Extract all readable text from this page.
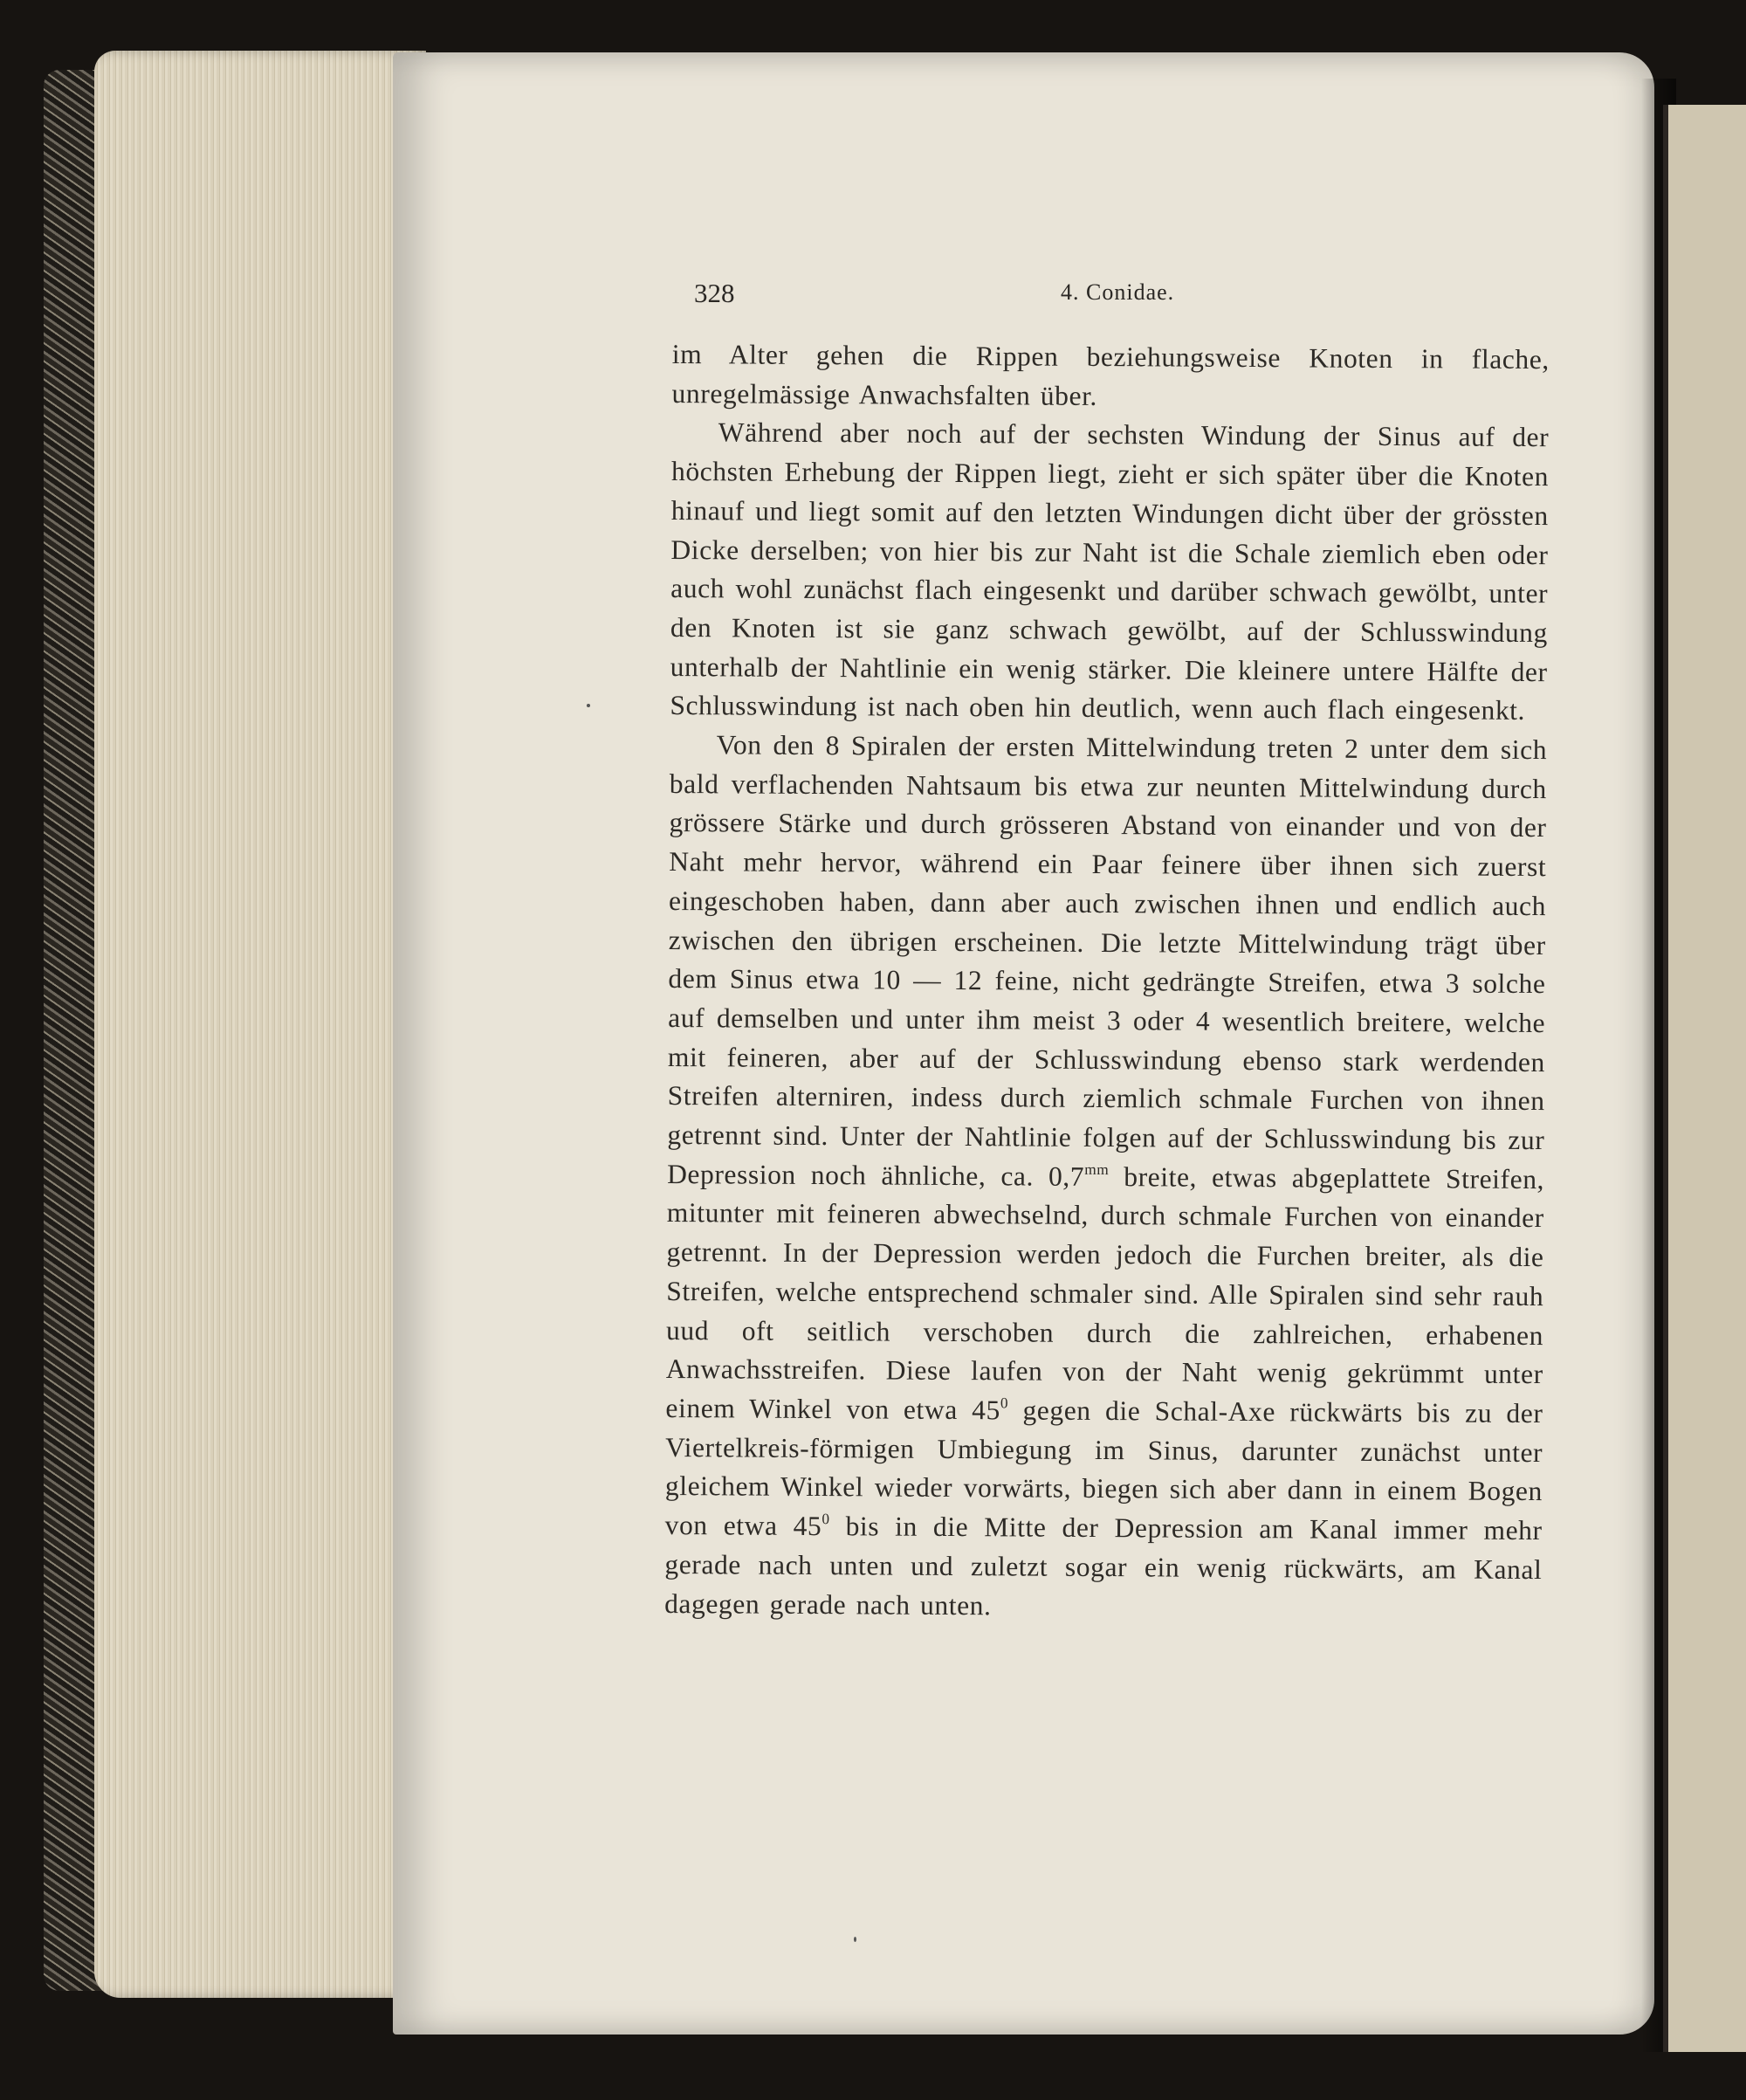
328	4. Conidae.

im Alter gehen die Rippen beziehungsweise Knoten in flache, unregelmässige Anwachsfalten über.

Während aber noch auf der sechsten Windung der Sinus auf der höchsten Erhebung der Rippen liegt, zieht er sich später über die Knoten hinauf und liegt somit auf den letzten Windungen dicht über der grössten Dicke derselben; von hier bis zur Naht ist die Schale ziemlich eben oder auch wohl zunächst flach eingesenkt und darüber schwach gewölbt, unter den Knoten ist sie ganz schwach gewölbt, auf der Schlusswindung unterhalb der Nahtlinie ein wenig stärker. Die kleinere untere Hälfte der Schlusswindung ist nach oben hin deutlich, wenn auch flach eingesenkt.

Von den 8 Spiralen der ersten Mittelwindung treten 2 unter dem sich bald verflachenden Nahtsaum bis etwa zur neunten Mittelwindung durch grössere Stärke und durch grösseren Abstand von einander und von der Naht mehr hervor, während ein Paar feinere über ihnen sich zuerst eingeschoben haben, dann aber auch zwischen ihnen und endlich auch zwischen den übrigen erscheinen. Die letzte Mittelwindung trägt über dem Sinus etwa 10 — 12 feine, nicht gedrängte Streifen, etwa 3 solche auf demselben und unter ihm meist 3 oder 4 wesentlich breitere, welche mit feineren, aber auf der Schlusswindung ebenso stark werdenden Streifen alterniren, indess durch ziemlich schmale Furchen von ihnen getrennt sind. Unter der Nahtlinie folgen auf der Schlusswindung bis zur Depression noch ähnliche, ca. $0,7^{mm}$ breite, etwas abgeplattete Streifen, mitunter mit feineren abwechselnd, durch schmale Furchen von einander getrennt. In der Depression werden jedoch die Furchen breiter, als die Streifen, welche entsprechend schmaler sind. Alle Spiralen sind sehr rauh uud oft seitlich verschoben durch die zahlreichen, erhabenen Anwachsstreifen. Diese laufen von der Naht wenig gekrümmt unter einem Winkel von etwa $45^0$ gegen die Schal-Axe rückwärts bis zu der Viertelkreis-förmigen Umbiegung im Sinus, darunter zunächst unter gleichem Winkel wieder vorwärts, biegen sich aber dann in einem Bogen von etwa $45^0$ bis in die Mitte der Depression am Kanal immer mehr gerade nach unten und zuletzt sogar ein wenig rückwärts, am Kanal dagegen gerade nach unten.
